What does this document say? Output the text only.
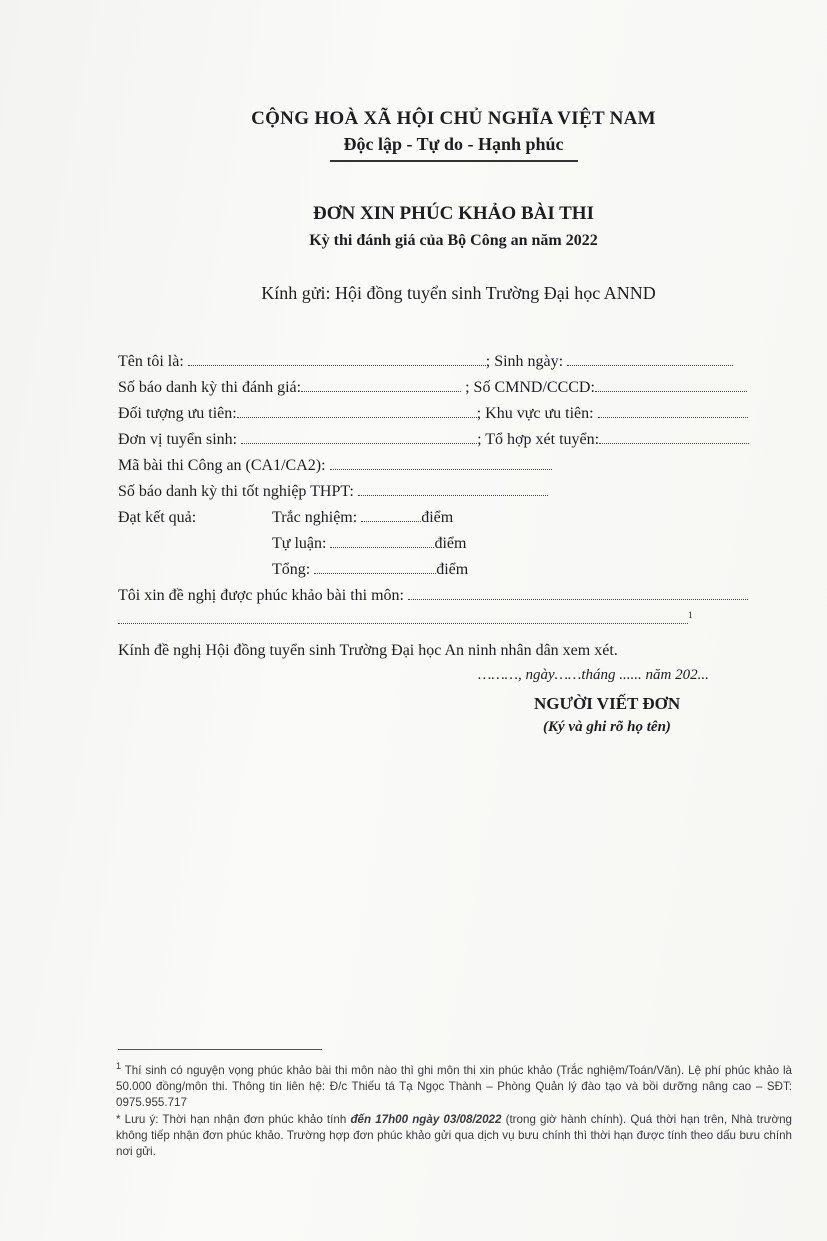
CỘNG HOÀ XÃ HỘI CHỦ NGHĨA VIỆT NAM
Độc lập - Tự do - Hạnh phúc
ĐƠN XIN PHÚC KHẢO BÀI THI
Kỳ thi đánh giá của Bộ Công an năm 2022
Kính gửi: Hội đồng tuyển sinh Trường Đại học ANND
Tên tôi là:	; Sinh ngày:
Số báo danh kỳ thi đánh giá:	; Số CMND/CCCD:
Đối tượng ưu tiên:	; Khu vực ưu tiên:
Đơn vị tuyển sinh:	; Tổ hợp xét tuyển:
Mã bài thi Công an (CA1/CA2):
Số báo danh kỳ thi tốt nghiệp THPT:
Đạt kết quả:	Trắc nghiệm:	điểm
Tự luận:	điểm
Tổng:	điểm
Tôi xin đề nghị được phúc khảo bài thi môn:
$^1$
Kính đề nghị Hội đồng tuyển sinh Trường Đại học An ninh nhân dân xem xét.
………, ngày……tháng ...... năm 202...
NGƯỜI VIẾT ĐƠN
(Ký và ghi rõ họ tên)
$^1$ Thí sinh có nguyện vọng phúc khảo bài thi môn nào thì ghi môn thi xin phúc khảo (Trắc nghiệm/Toán/Văn). Lệ phí phúc khảo là 50.000 đồng/môn thi. Thông tin liên hệ: Đ/c Thiếu tá Tạ Ngọc Thành – Phòng Quản lý đào tạo và bồi dưỡng nâng cao – SĐT: 0975.955.717
* Lưu ý: Thời hạn nhận đơn phúc khảo tính đến 17h00 ngày 03/08/2022 (trong giờ hành chính). Quá thời hạn trên, Nhà trường không tiếp nhận đơn phúc khảo. Trường hợp đơn phúc khảo gửi qua dịch vụ bưu chính thì thời hạn được tính theo dấu bưu chính nơi gửi.
